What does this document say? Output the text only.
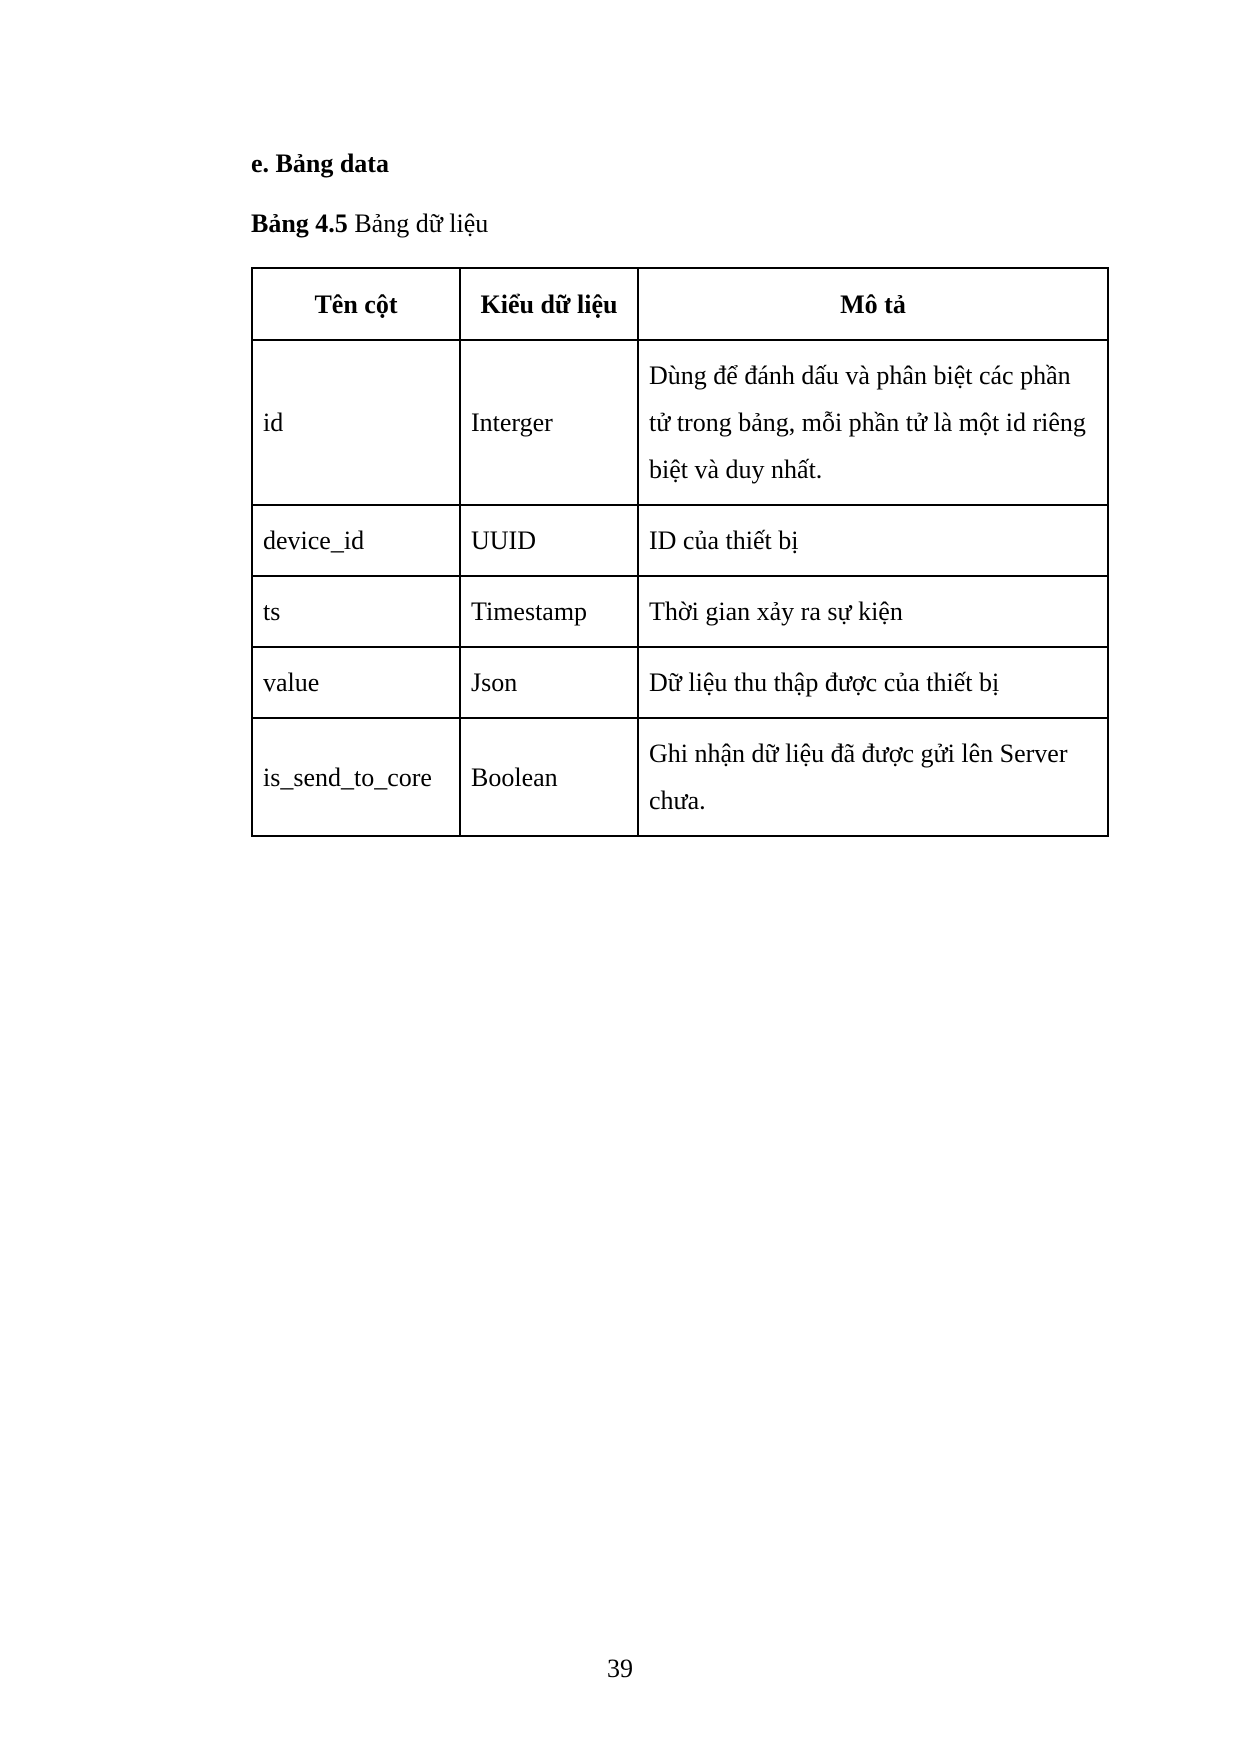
e. Bảng data
Bảng 4.5 Bảng dữ liệu
Tên cột	Kiểu dữ liệu	Mô tả
id	Interger	Dùng để đánh dấu và phân biệt các phần tử trong bảng, mỗi phần tử là một id riêng biệt và duy nhất.
device_id	UUID	ID của thiết bị
ts	Timestamp	Thời gian xảy ra sự kiện
value	Json	Dữ liệu thu thập được của thiết bị
is_send_to_core	Boolean	Ghi nhận dữ liệu đã được gửi lên Server chưa.
39
